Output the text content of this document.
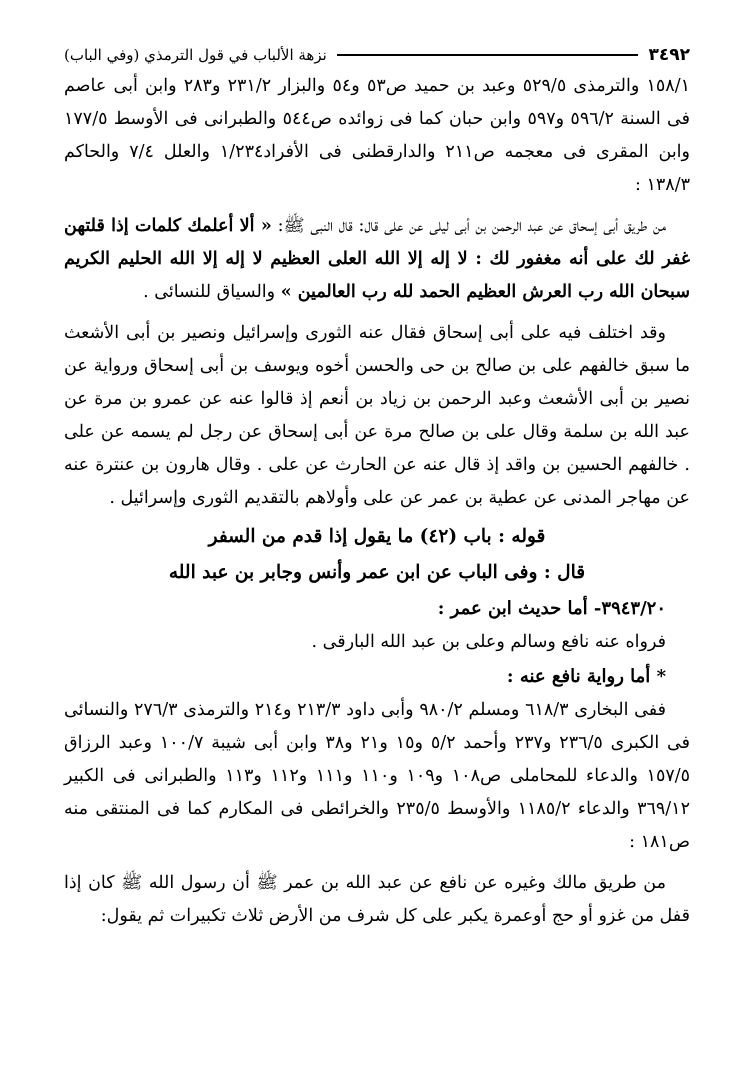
٣٤٩٢
نزهة الألباب في قول الترمذي (وفي الباب)

١٥٨/١ والترمذى ٥٢٩/٥ وعبد بن حميد ص٥٣ و٥٤ والبزار ٢٣١/٢ و٢٨٣ وابن أبى عاصم فى السنة ٥٩٦/٢ و٥٩٧ وابن حبان كما فى زوائده ص٥٤٤ والطبرانى فى الأوسط ١٧٧/٥ وابن المقرى فى معجمه ص٢١١ والدارقطنى فى الأفراد١/٢٣٤ والعلل ٧/٤ والحاكم ١٣٨/٣ :

من طريق أبى إسحاق عن عبد الرحمن بن أبى ليلى عن على قال: قال النبى ﷺ: « ألا أعلمك كلمات إذا قلتهن غفر لك على أنه مغفور لك : لا إله إلا الله العلى العظيم لا إله إلا الله الحليم الكريم سبحان الله رب العرش العظيم الحمد لله رب العالمين » والسياق للنسائى .

وقد اختلف فيه على أبى إسحاق فقال عنه الثورى وإسرائيل ونصير بن أبى الأشعث ما سبق خالفهم على بن صالح بن حى والحسن أخوه ويوسف بن أبى إسحاق ورواية عن نصير بن أبى الأشعث وعبد الرحمن بن زياد بن أنعم إذ قالوا عنه عن عمرو بن مرة عن عبد الله بن سلمة وقال على بن صالح مرة عن أبى إسحاق عن رجل لم يسمه عن على . خالفهم الحسين بن واقد إذ قال عنه عن الحارث عن على . وقال هارون بن عنترة عنه عن مهاجر المدنى عن عطية بن عمر عن على وأولاهم بالتقديم الثورى وإسرائيل .

قوله : باب (٤٢) ما يقول إذا قدم من السفر
قال : وفى الباب عن ابن عمر وأنس وجابر بن عبد الله

٣٩٤٣/٢٠- أما حديث ابن عمر :

فرواه عنه نافع وسالم وعلى بن عبد الله البارقى .

* أما رواية نافع عنه :

ففى البخارى ٦١٨/٣ ومسلم ٩٨٠/٢ وأبى داود ٢١٣/٣ و٢١٤ والترمذى ٢٧٦/٣ والنسائى فى الكبرى ٢٣٦/٥ و٢٣٧ وأحمد ٥/٢ و١٥ و٢١ و٣٨ وابن أبى شيبة ١٠٠/٧ وعبد الرزاق ١٥٧/٥ والدعاء للمحاملى ص١٠٨ و١٠٩ و١١٠ و١١١ و١١٢ و١١٣ والطبرانى فى الكبير ٣٦٩/١٢ والدعاء ١١٨٥/٢ والأوسط ٢٣٥/٥ والخرائطى فى المكارم كما فى المنتقى منه ص١٨١ :

من طريق مالك وغيره عن نافع عن عبد الله بن عمر ﷺ أن رسول الله ﷺ كان إذا قفل من غزو أو حج أوعمرة يكبر على كل شرف من الأرض ثلاث تكبيرات ثم يقول:
